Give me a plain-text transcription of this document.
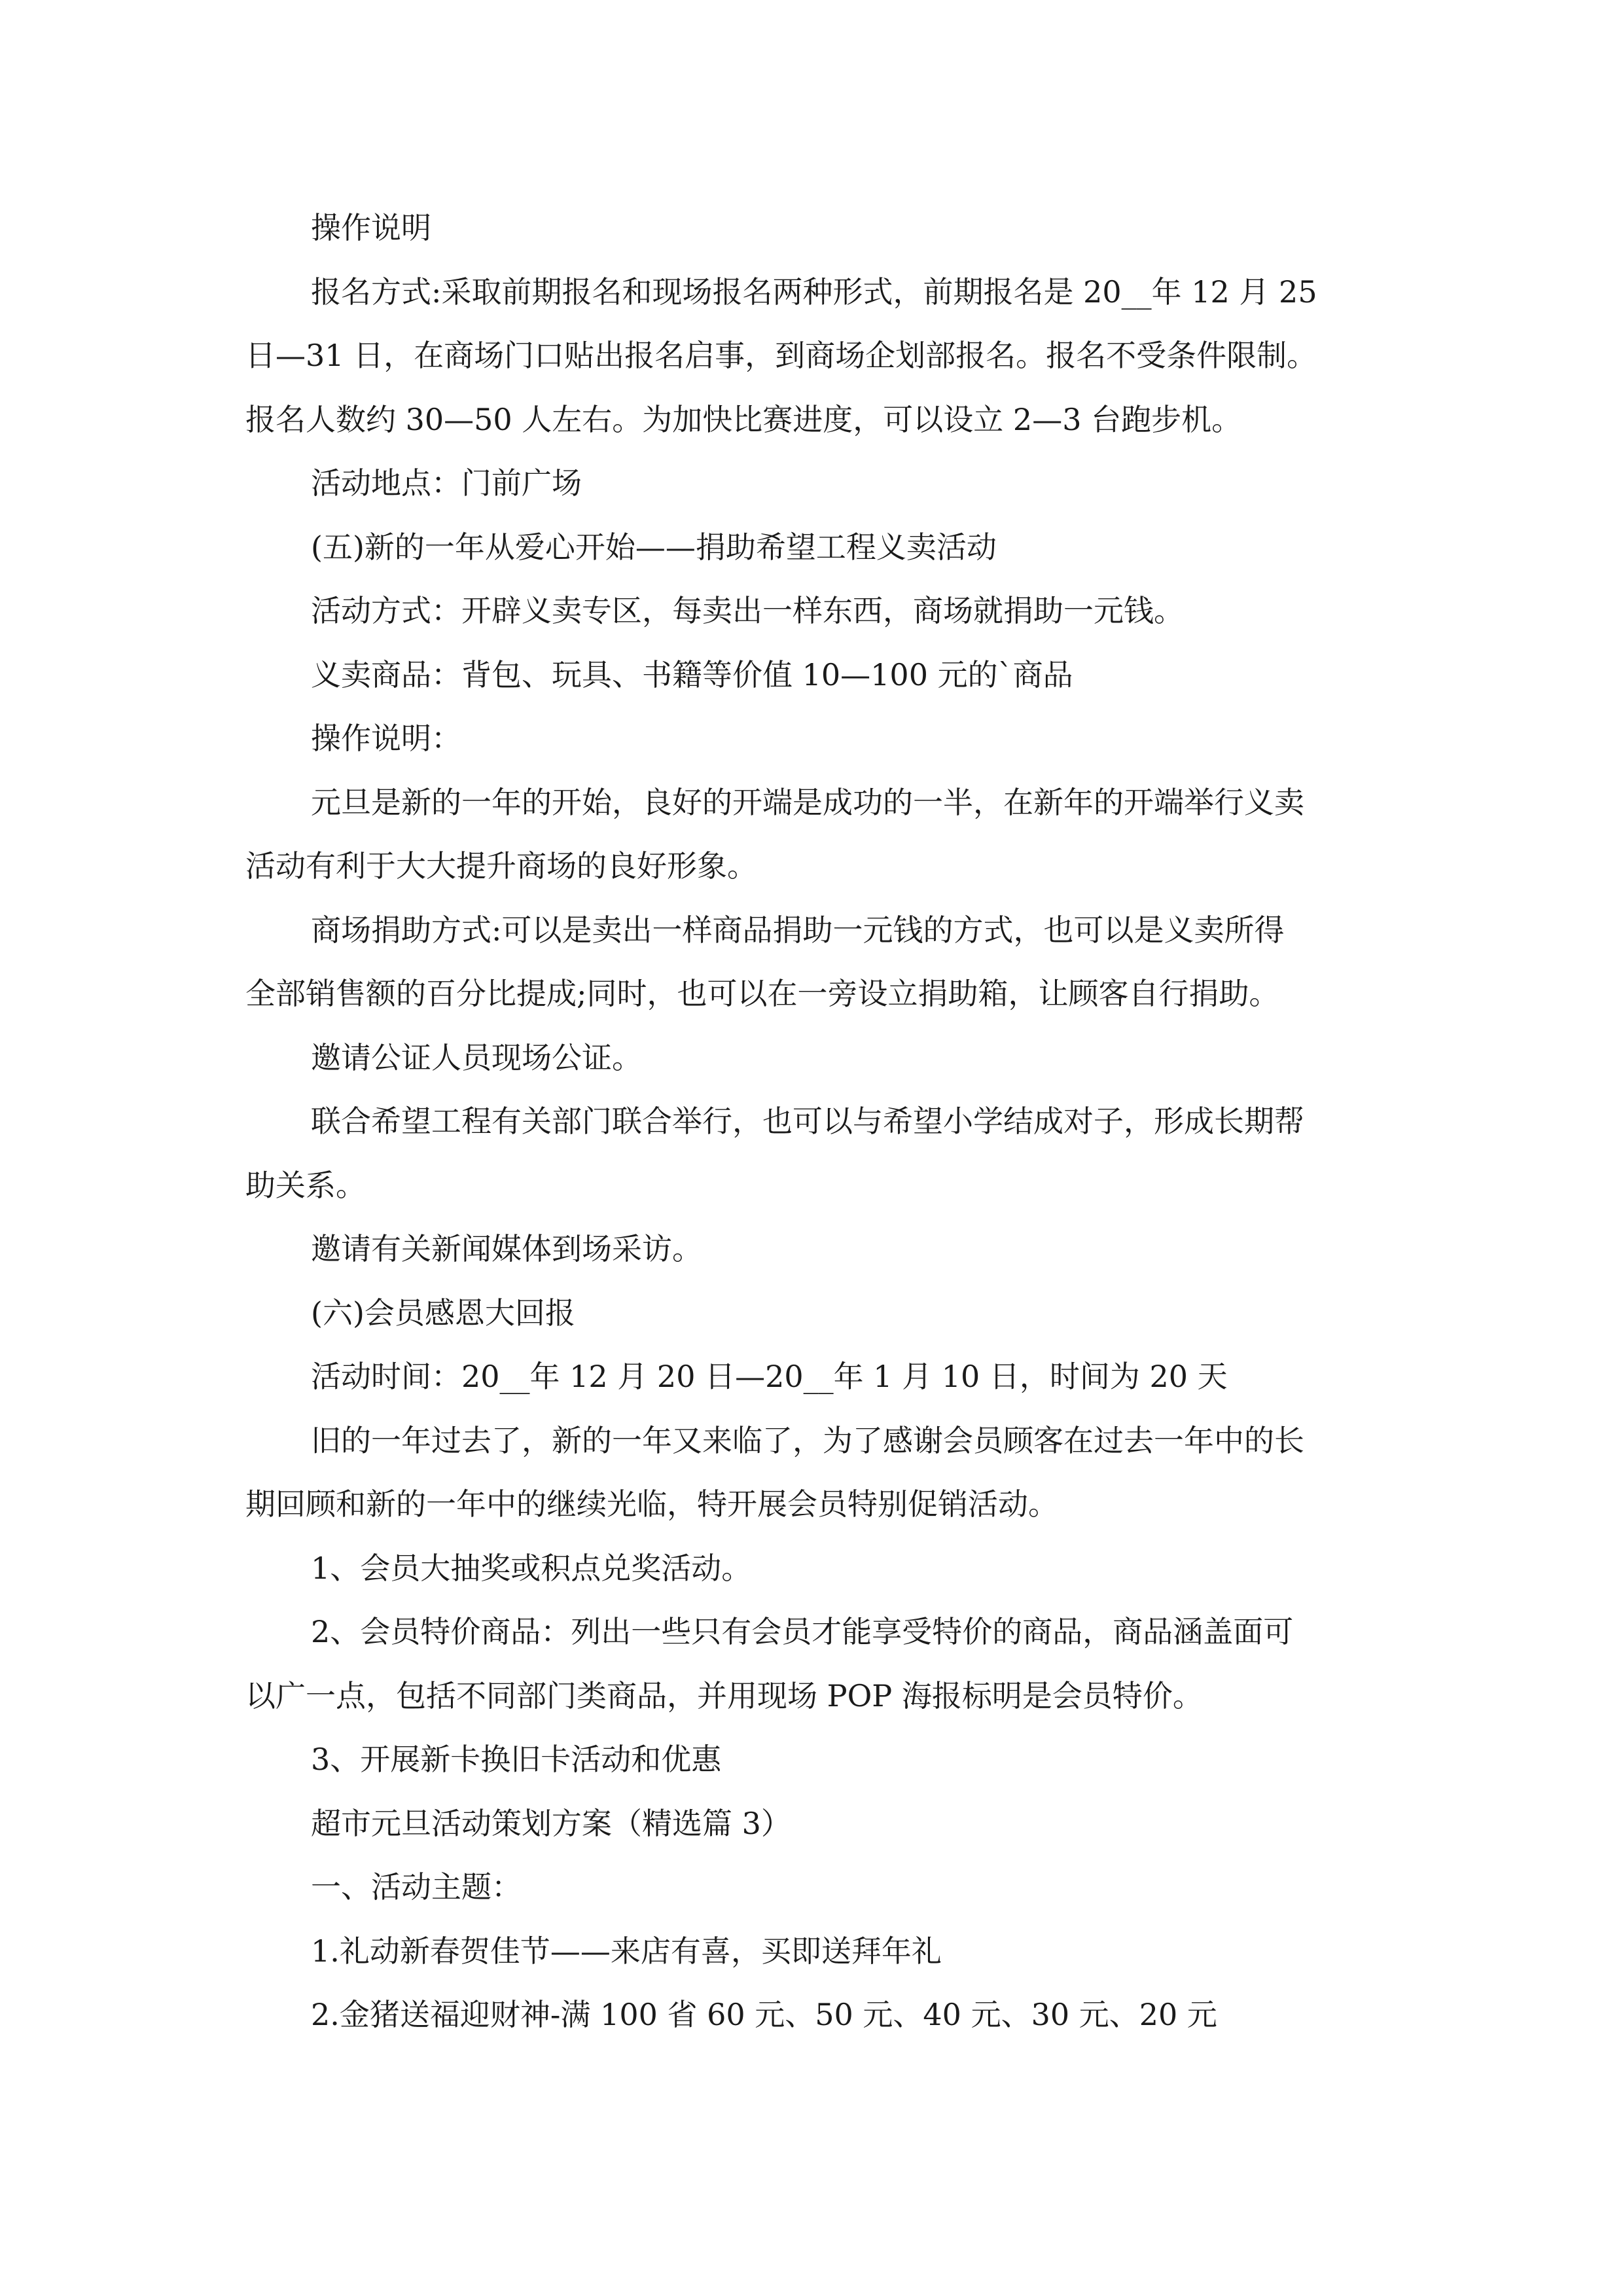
操作说明
报名方式:采取前期报名和现场报名两种形式，前期报名是 20__年 12 月 25
日—31 日，在商场门口贴出报名启事，到商场企划部报名。报名不受条件限制。
报名人数约 30—50 人左右。为加快比赛进度，可以设立 2—3 台跑步机。
活动地点：门前广场
(五)新的一年从爱心开始——捐助希望工程义卖活动
活动方式：开辟义卖专区，每卖出一样东西，商场就捐助一元钱。
义卖商品：背包、玩具、书籍等价值 10—100 元的`商品
操作说明：
元旦是新的一年的开始，良好的开端是成功的一半，在新年的开端举行义卖
活动有利于大大提升商场的良好形象。
商场捐助方式:可以是卖出一样商品捐助一元钱的方式，也可以是义卖所得
全部销售额的百分比提成;同时，也可以在一旁设立捐助箱，让顾客自行捐助。
邀请公证人员现场公证。
联合希望工程有关部门联合举行，也可以与希望小学结成对子，形成长期帮
助关系。
邀请有关新闻媒体到场采访。
(六)会员感恩大回报
活动时间：20__年 12 月 20 日—20__年 1 月 10 日，时间为 20 天
旧的一年过去了，新的一年又来临了，为了感谢会员顾客在过去一年中的长
期回顾和新的一年中的继续光临，特开展会员特别促销活动。
1、会员大抽奖或积点兑奖活动。
2、会员特价商品：列出一些只有会员才能享受特价的商品，商品涵盖面可
以广一点，包括不同部门类商品，并用现场 POP 海报标明是会员特价。
3、开展新卡换旧卡活动和优惠
超市元旦活动策划方案（精选篇 3）
一、活动主题：
1.礼动新春贺佳节——来店有喜，买即送拜年礼
2.金猪送福迎财神-满 100 省 60 元、50 元、40 元、30 元、20 元
